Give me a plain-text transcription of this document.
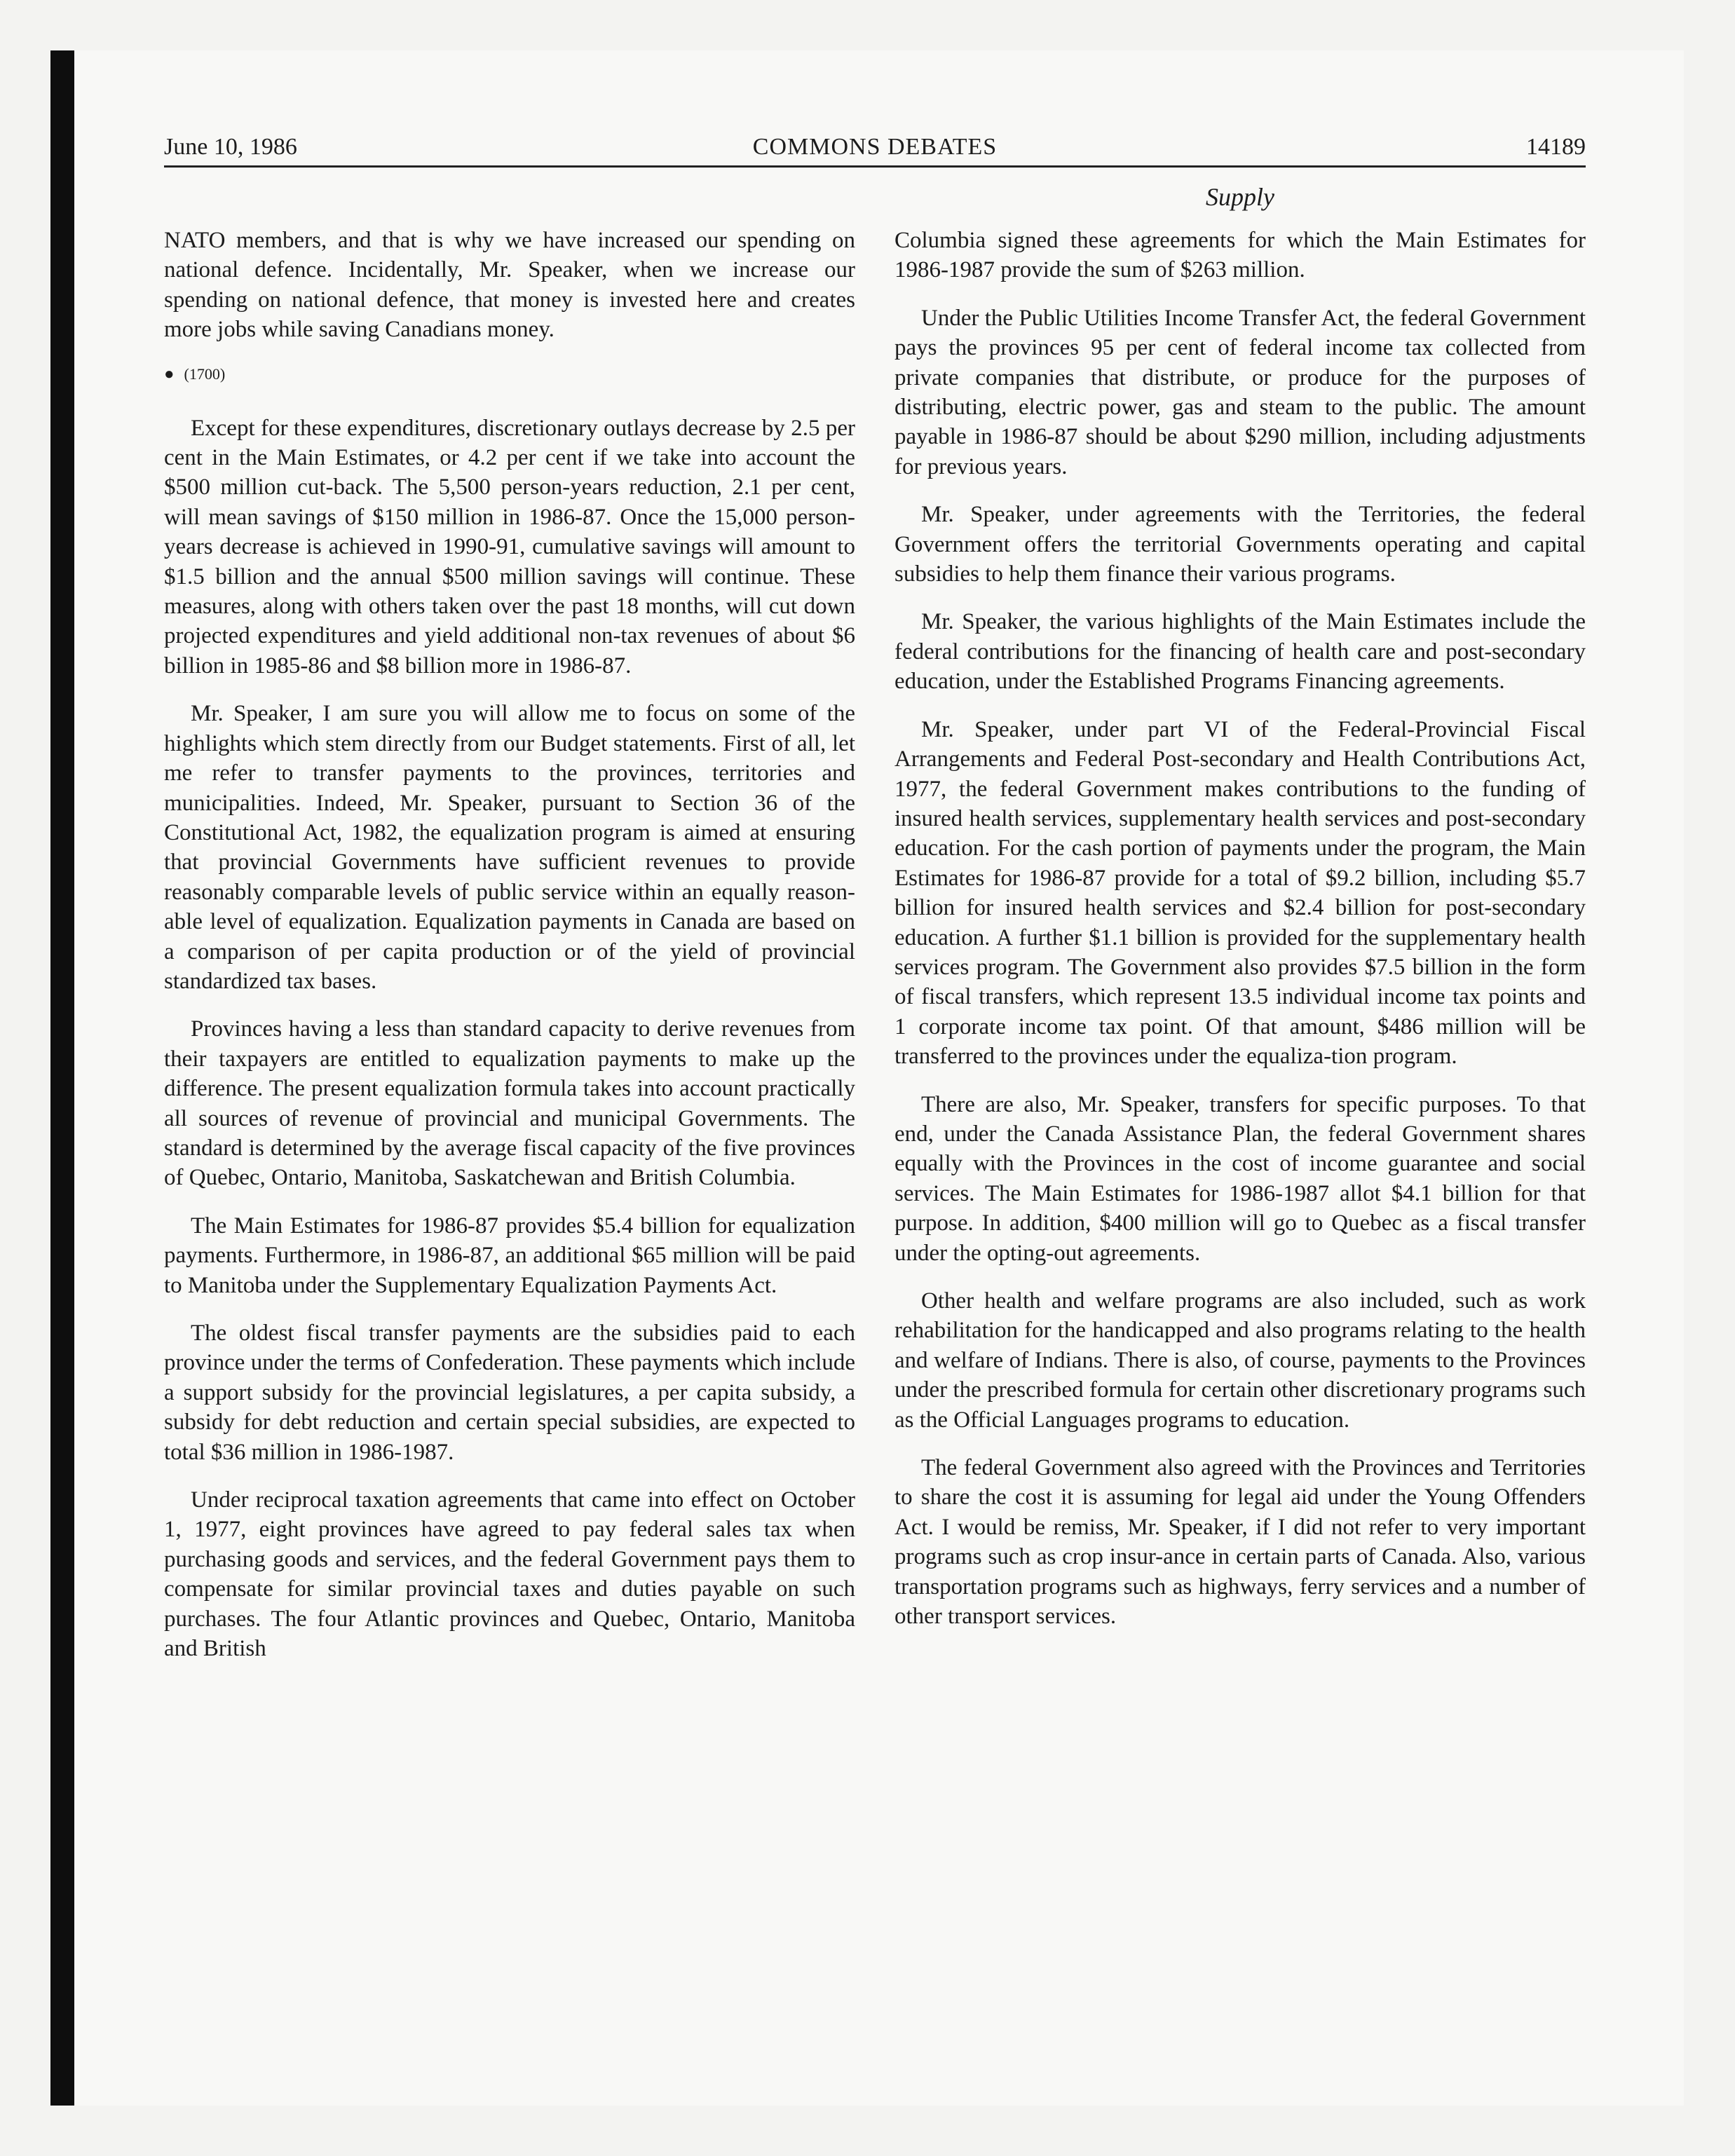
June 10, 1986	COMMONS DEBATES	14189
Supply

NATO members, and that is why we have increased our spending on national defence. Incidentally, Mr. Speaker, when we increase our spending on national defence, that money is invested here and creates more jobs while saving Canadians money.

● (1700)

Except for these expenditures, discretionary outlays decrease by 2.5 per cent in the Main Estimates, or 4.2 per cent if we take into account the $500 million cut-back. The 5,500 person-years reduction, 2.1 per cent, will mean savings of $150 million in 1986-87. Once the 15,000 person-years decrease is achieved in 1990-91, cumulative savings will amount to $1.5 billion and the annual $500 million savings will continue. These measures, along with others taken over the past 18 months, will cut down projected expenditures and yield additional non-tax revenues of about $6 billion in 1985-86 and $8 billion more in 1986-87.

Mr. Speaker, I am sure you will allow me to focus on some of the highlights which stem directly from our Budget statements. First of all, let me refer to transfer payments to the provinces, territories and municipalities. Indeed, Mr. Speaker, pursuant to Section 36 of the Constitutional Act, 1982, the equalization program is aimed at ensuring that provincial Governments have sufficient revenues to provide reasonably comparable levels of public service within an equally reason-able level of equalization. Equalization payments in Canada are based on a comparison of per capita production or of the yield of provincial standardized tax bases.

Provinces having a less than standard capacity to derive revenues from their taxpayers are entitled to equalization payments to make up the difference. The present equalization formula takes into account practically all sources of revenue of provincial and municipal Governments. The standard is determined by the average fiscal capacity of the five provinces of Quebec, Ontario, Manitoba, Saskatchewan and British Columbia.

The Main Estimates for 1986-87 provides $5.4 billion for equalization payments. Furthermore, in 1986-87, an additional $65 million will be paid to Manitoba under the Supplementary Equalization Payments Act.

The oldest fiscal transfer payments are the subsidies paid to each province under the terms of Confederation. These payments which include a support subsidy for the provincial legislatures, a per capita subsidy, a subsidy for debt reduction and certain special subsidies, are expected to total $36 million in 1986-1987.

Under reciprocal taxation agreements that came into effect on October 1, 1977, eight provinces have agreed to pay federal sales tax when purchasing goods and services, and the federal Government pays them to compensate for similar provincial taxes and duties payable on such purchases. The four Atlantic provinces and Quebec, Ontario, Manitoba and British

Columbia signed these agreements for which the Main Estimates for 1986-1987 provide the sum of $263 million.

Under the Public Utilities Income Transfer Act, the federal Government pays the provinces 95 per cent of federal income tax collected from private companies that distribute, or produce for the purposes of distributing, electric power, gas and steam to the public. The amount payable in 1986-87 should be about $290 million, including adjustments for previous years.

Mr. Speaker, under agreements with the Territories, the federal Government offers the territorial Governments operating and capital subsidies to help them finance their various programs.

Mr. Speaker, the various highlights of the Main Estimates include the federal contributions for the financing of health care and post-secondary education, under the Established Programs Financing agreements.

Mr. Speaker, under part VI of the Federal-Provincial Fiscal Arrangements and Federal Post-secondary and Health Contributions Act, 1977, the federal Government makes contributions to the funding of insured health services, supplementary health services and post-secondary education. For the cash portion of payments under the program, the Main Estimates for 1986-87 provide for a total of $9.2 billion, including $5.7 billion for insured health services and $2.4 billion for post-secondary education. A further $1.1 billion is provided for the supplementary health services program. The Government also provides $7.5 billion in the form of fiscal transfers, which represent 13.5 individual income tax points and 1 corporate income tax point. Of that amount, $486 million will be transferred to the provinces under the equaliza-tion program.

There are also, Mr. Speaker, transfers for specific purposes. To that end, under the Canada Assistance Plan, the federal Government shares equally with the Provinces in the cost of income guarantee and social services. The Main Estimates for 1986-1987 allot $4.1 billion for that purpose. In addition, $400 million will go to Quebec as a fiscal transfer under the opting-out agreements.

Other health and welfare programs are also included, such as work rehabilitation for the handicapped and also programs relating to the health and welfare of Indians. There is also, of course, payments to the Provinces under the prescribed formula for certain other discretionary programs such as the Official Languages programs to education.

The federal Government also agreed with the Provinces and Territories to share the cost it is assuming for legal aid under the Young Offenders Act. I would be remiss, Mr. Speaker, if I did not refer to very important programs such as crop insur-ance in certain parts of Canada. Also, various transportation programs such as highways, ferry services and a number of other transport services.
